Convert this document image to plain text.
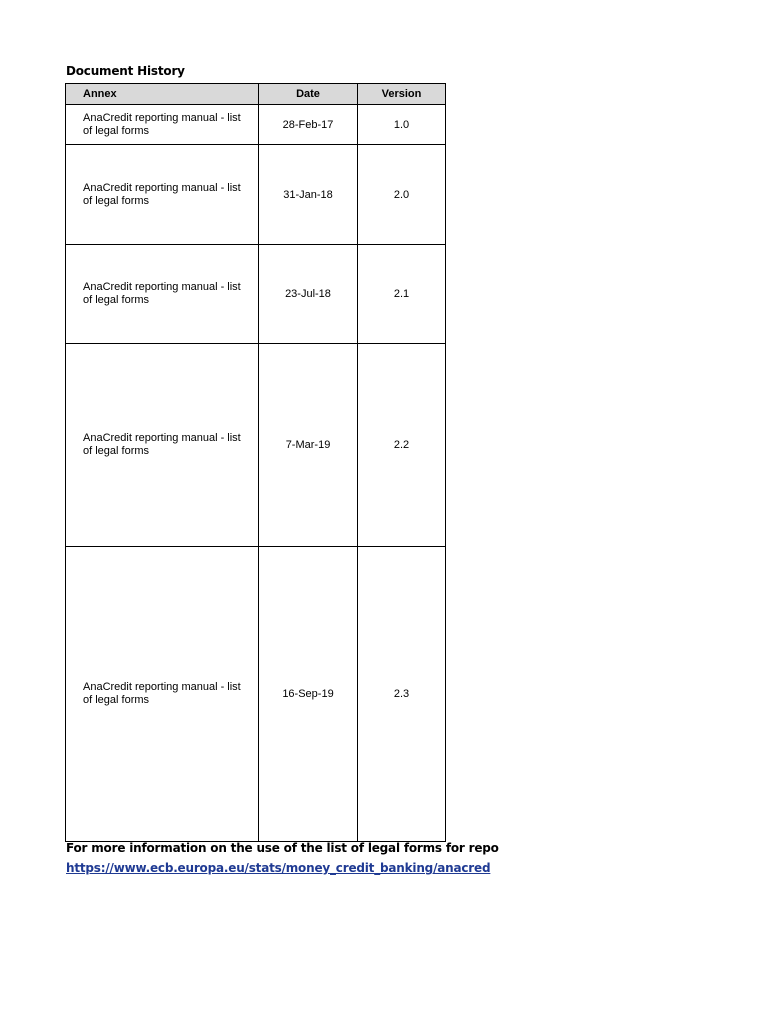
Document History
Annex	Date	Version
AnaCredit reporting manual - list of legal forms	28-Feb-17	1.0
AnaCredit reporting manual - list of legal forms	31-Jan-18	2.0
AnaCredit reporting manual - list of legal forms	23-Jul-18	2.1
AnaCredit reporting manual - list of legal forms	7-Mar-19	2.2
AnaCredit reporting manual - list of legal forms	16-Sep-19	2.3
For more information on the use of the list of legal forms for repo
https://www.ecb.europa.eu/stats/money_credit_banking/anacred
